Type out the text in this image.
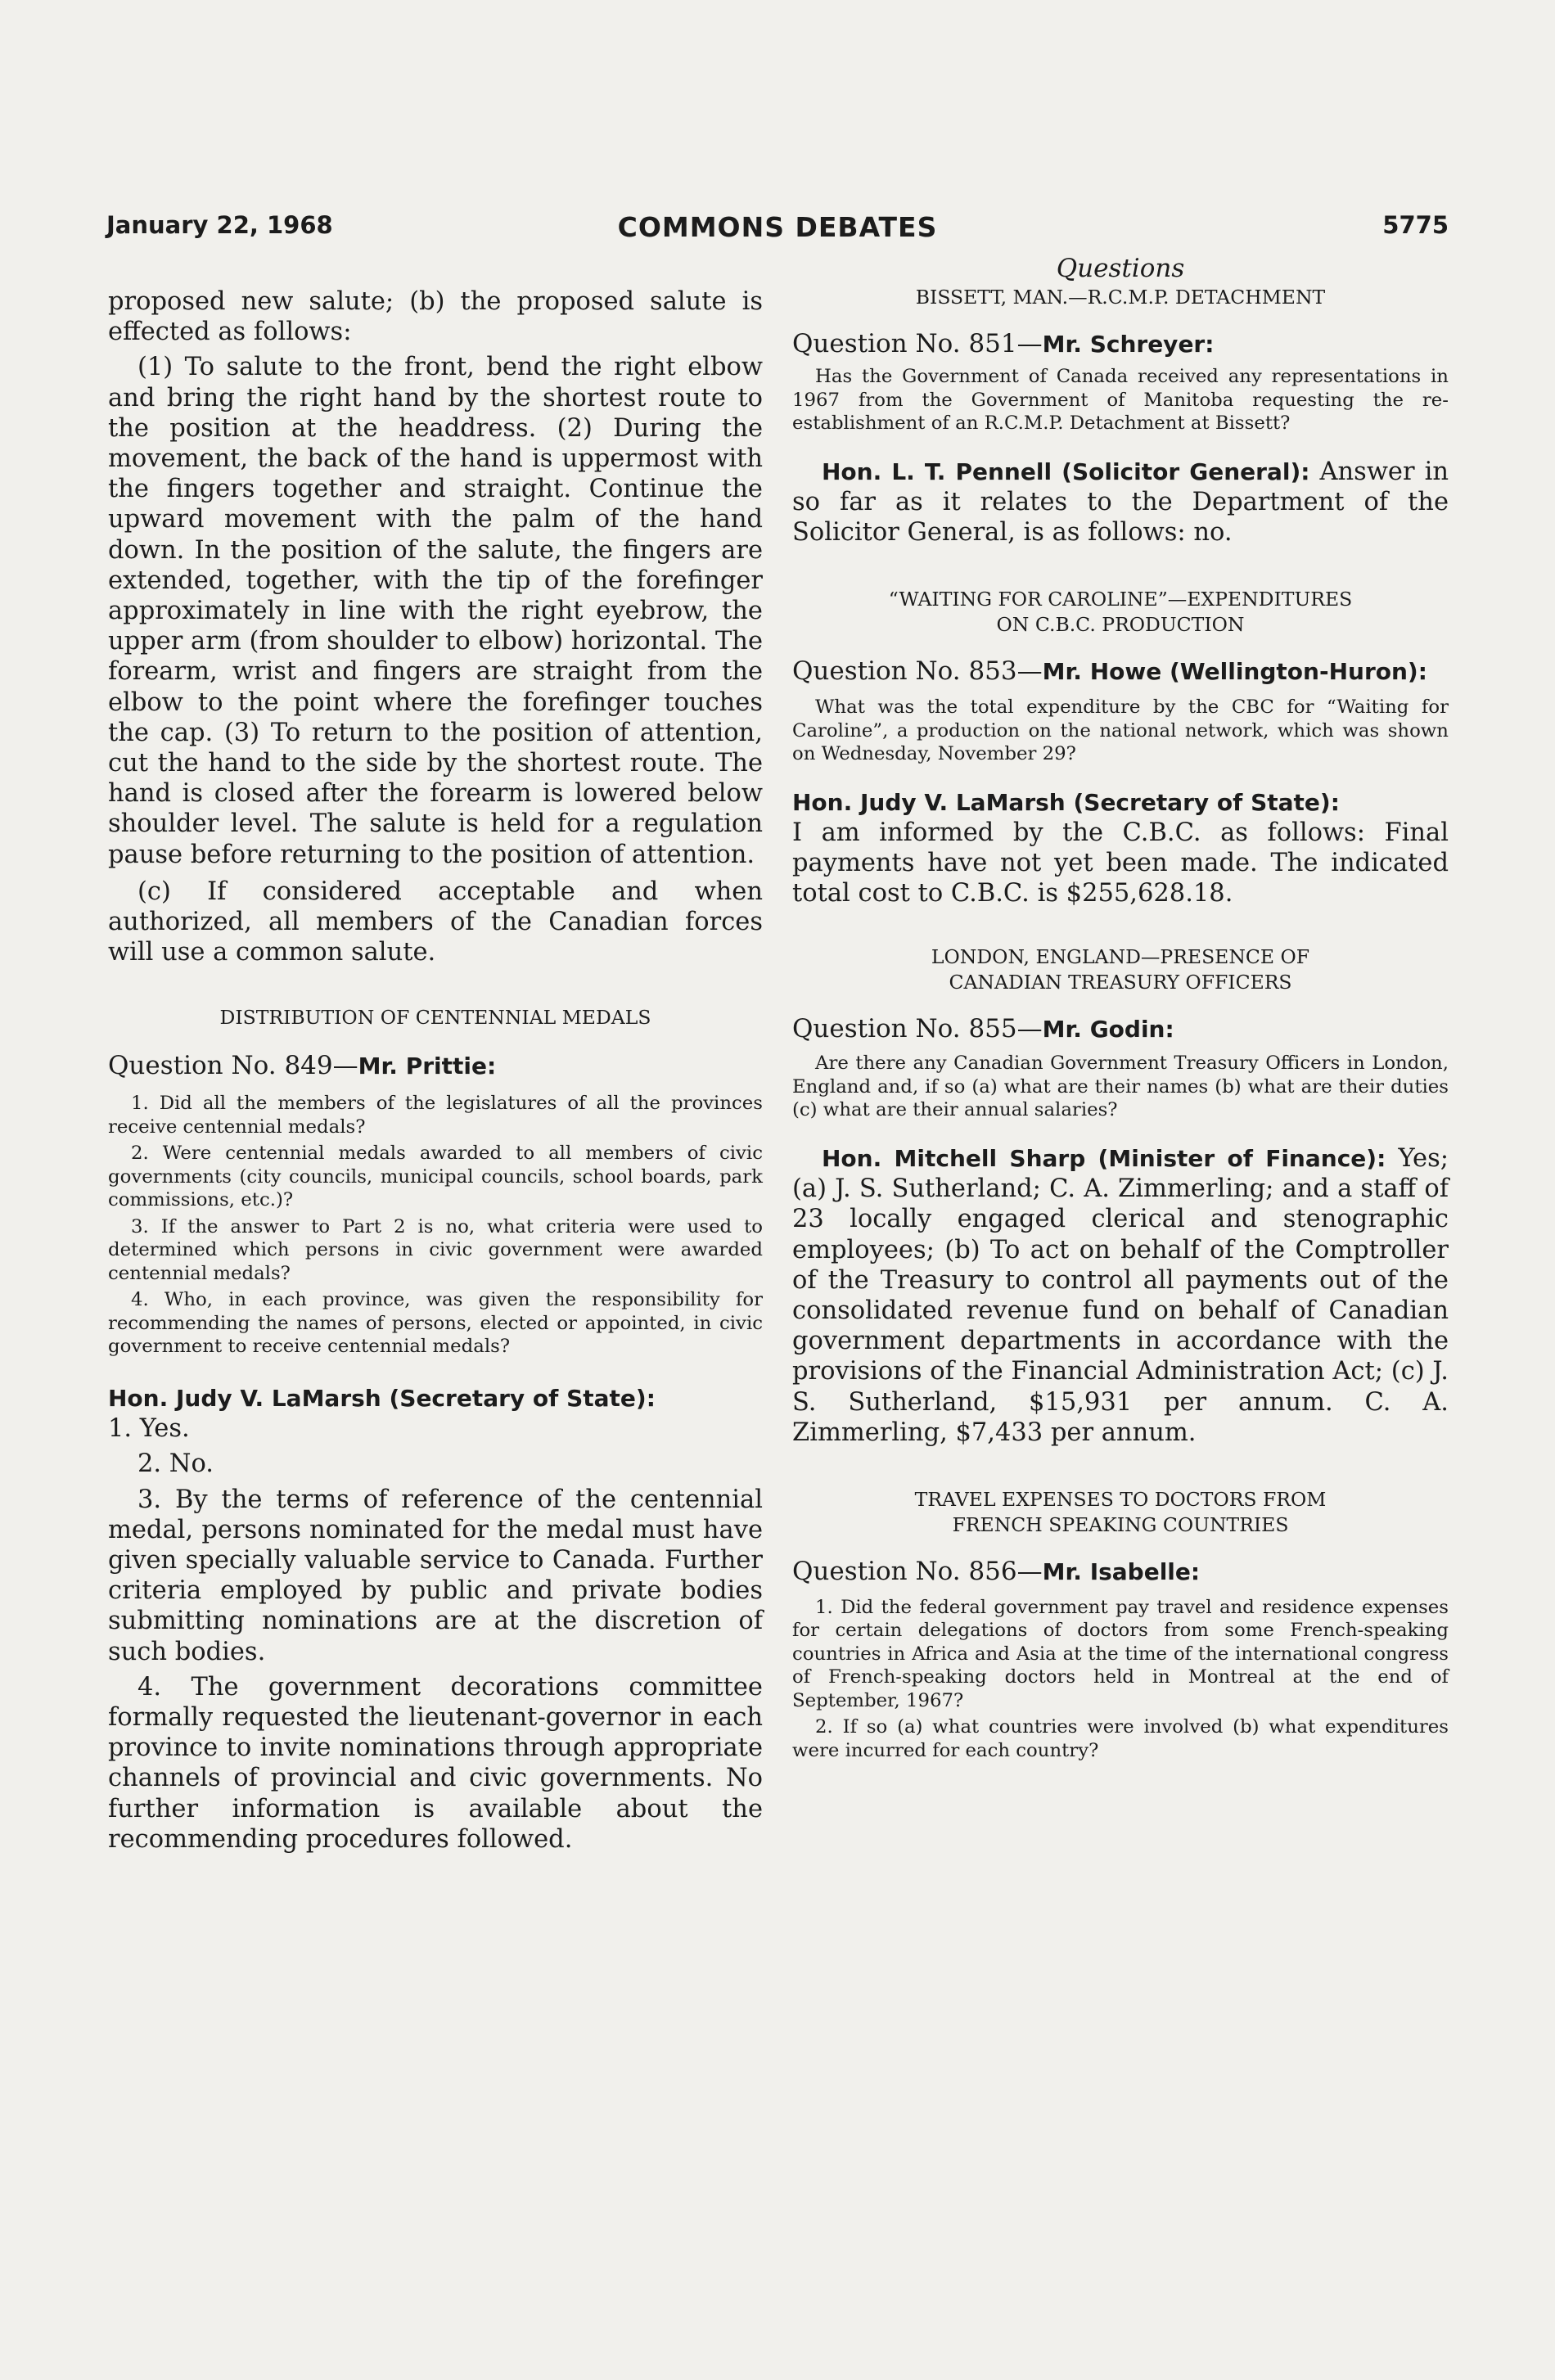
January 22, 1968	COMMONS DEBATES	5775

proposed new salute; (b) the proposed salute is effected as follows:

(1) To salute to the front, bend the right elbow and bring the right hand by the shortest route to the position at the headdress. (2) During the movement, the back of the hand is uppermost with the fingers together and straight. Continue the upward movement with the palm of the hand down. In the position of the salute, the fingers are extended, together, with the tip of the forefinger approximately in line with the right eyebrow, the upper arm (from shoulder to elbow) horizontal. The forearm, wrist and fingers are straight from the elbow to the point where the forefinger touches the cap. (3) To return to the position of attention, cut the hand to the side by the shortest route. The hand is closed after the forearm is lowered below shoulder level. The salute is held for a regulation pause before returning to the position of attention.

(c) If considered acceptable and when authorized, all members of the Canadian forces will use a common salute.

DISTRIBUTION OF CENTENNIAL MEDALS

Question No. 849—Mr. Prittie:

1. Did all the members of the legislatures of all the provinces receive centennial medals?

2. Were centennial medals awarded to all members of civic governments (city councils, municipal councils, school boards, park commissions, etc.)?

3. If the answer to Part 2 is no, what criteria were used to determined which persons in civic government were awarded centennial medals?

4. Who, in each province, was given the responsibility for recommending the names of persons, elected or appointed, in civic government to receive centennial medals?

Hon. Judy V. LaMarsh (Secretary of State):

1. Yes.

2. No.

3. By the terms of reference of the centennial medal, persons nominated for the medal must have given specially valuable service to Canada. Further criteria employed by public and private bodies submitting nominations are at the discretion of such bodies.

4. The government decorations committee formally requested the lieutenant-governor in each province to invite nominations through appropriate channels of provincial and civic governments. No further information is available about the recommending procedures followed.

Questions

BISSETT, MAN.—R.C.M.P. DETACHMENT

Question No. 851—Mr. Schreyer:

Has the Government of Canada received any representations in 1967 from the Government of Manitoba requesting the re-establishment of an R.C.M.P. Detachment at Bissett?

Hon. L. T. Pennell (Solicitor General): Answer in so far as it relates to the Department of the Solicitor General, is as follows: no.

“WAITING FOR CAROLINE”—EXPENDITURES

ON C.B.C. PRODUCTION

Question No. 853—Mr. Howe (Wellington-Huron):

What was the total expenditure by the CBC for “Waiting for Caroline”, a production on the national network, which was shown on Wednesday, November 29?

Hon. Judy V. LaMarsh (Secretary of State):

I am informed by the C.B.C. as follows: Final payments have not yet been made. The indicated total cost to C.B.C. is $255,628.18.

LONDON, ENGLAND—PRESENCE OF

CANADIAN TREASURY OFFICERS

Question No. 855—Mr. Godin:

Are there any Canadian Government Treasury Officers in London, England and, if so (a) what are their names (b) what are their duties (c) what are their annual salaries?

Hon. Mitchell Sharp (Minister of Finance): Yes; (a) J. S. Sutherland; C. A. Zimmerling; and a staff of 23 locally engaged clerical and stenographic employees; (b) To act on behalf of the Comptroller of the Treasury to control all payments out of the consolidated revenue fund on behalf of Canadian government departments in accordance with the provisions of the Financial Administration Act; (c) J. S. Sutherland, $15,931 per annum. C. A. Zimmerling, $7,433 per annum.

TRAVEL EXPENSES TO DOCTORS FROM

FRENCH SPEAKING COUNTRIES

Question No. 856—Mr. Isabelle:

1. Did the federal government pay travel and residence expenses for certain delegations of doctors from some French-speaking countries in Africa and Asia at the time of the international congress of French-speaking doctors held in Montreal at the end of September, 1967?

2. If so (a) what countries were involved (b) what expenditures were incurred for each country?
